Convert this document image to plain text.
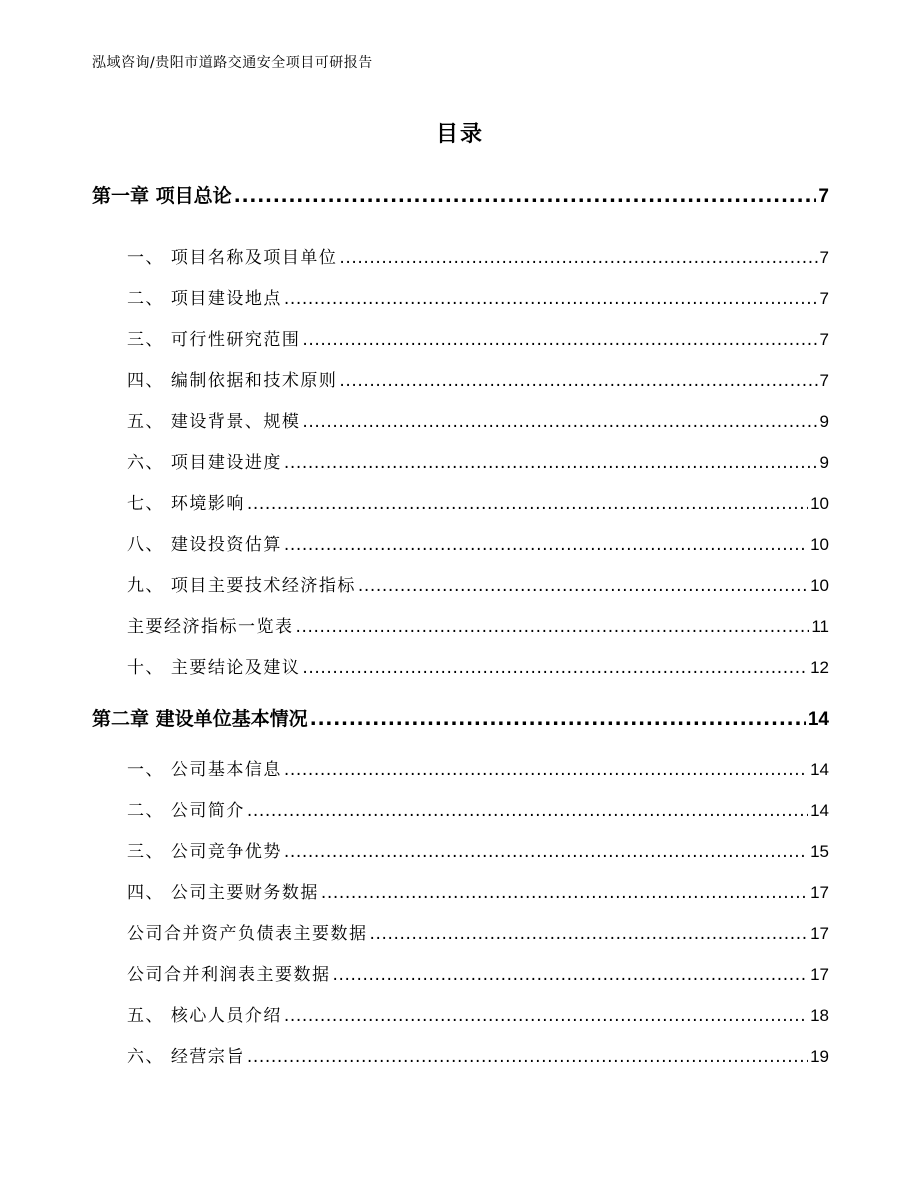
泓域咨询/贵阳市道路交通安全项目可研报告
目录
第一章 项目总论 .....	7
一、 项目名称及项目单位 .....	7
二、 项目建设地点 .....	7
三、 可行性研究范围 .....	7
四、 编制依据和技术原则 .....	7
五、 建设背景、规模 .....	9
六、 项目建设进度 .....	9
七、 环境影响 .....	10
八、 建设投资估算 .....	10
九、 项目主要技术经济指标 .....	10
主要经济指标一览表 .....	11
十、 主要结论及建议 .....	12
第二章 建设单位基本情况 .....	14
一、 公司基本信息 .....	14
二、 公司简介 .....	14
三、 公司竞争优势 .....	15
四、 公司主要财务数据 .....	17
公司合并资产负债表主要数据 .....	17
公司合并利润表主要数据 .....	17
五、 核心人员介绍 .....	18
六、 经营宗旨 .....	19
